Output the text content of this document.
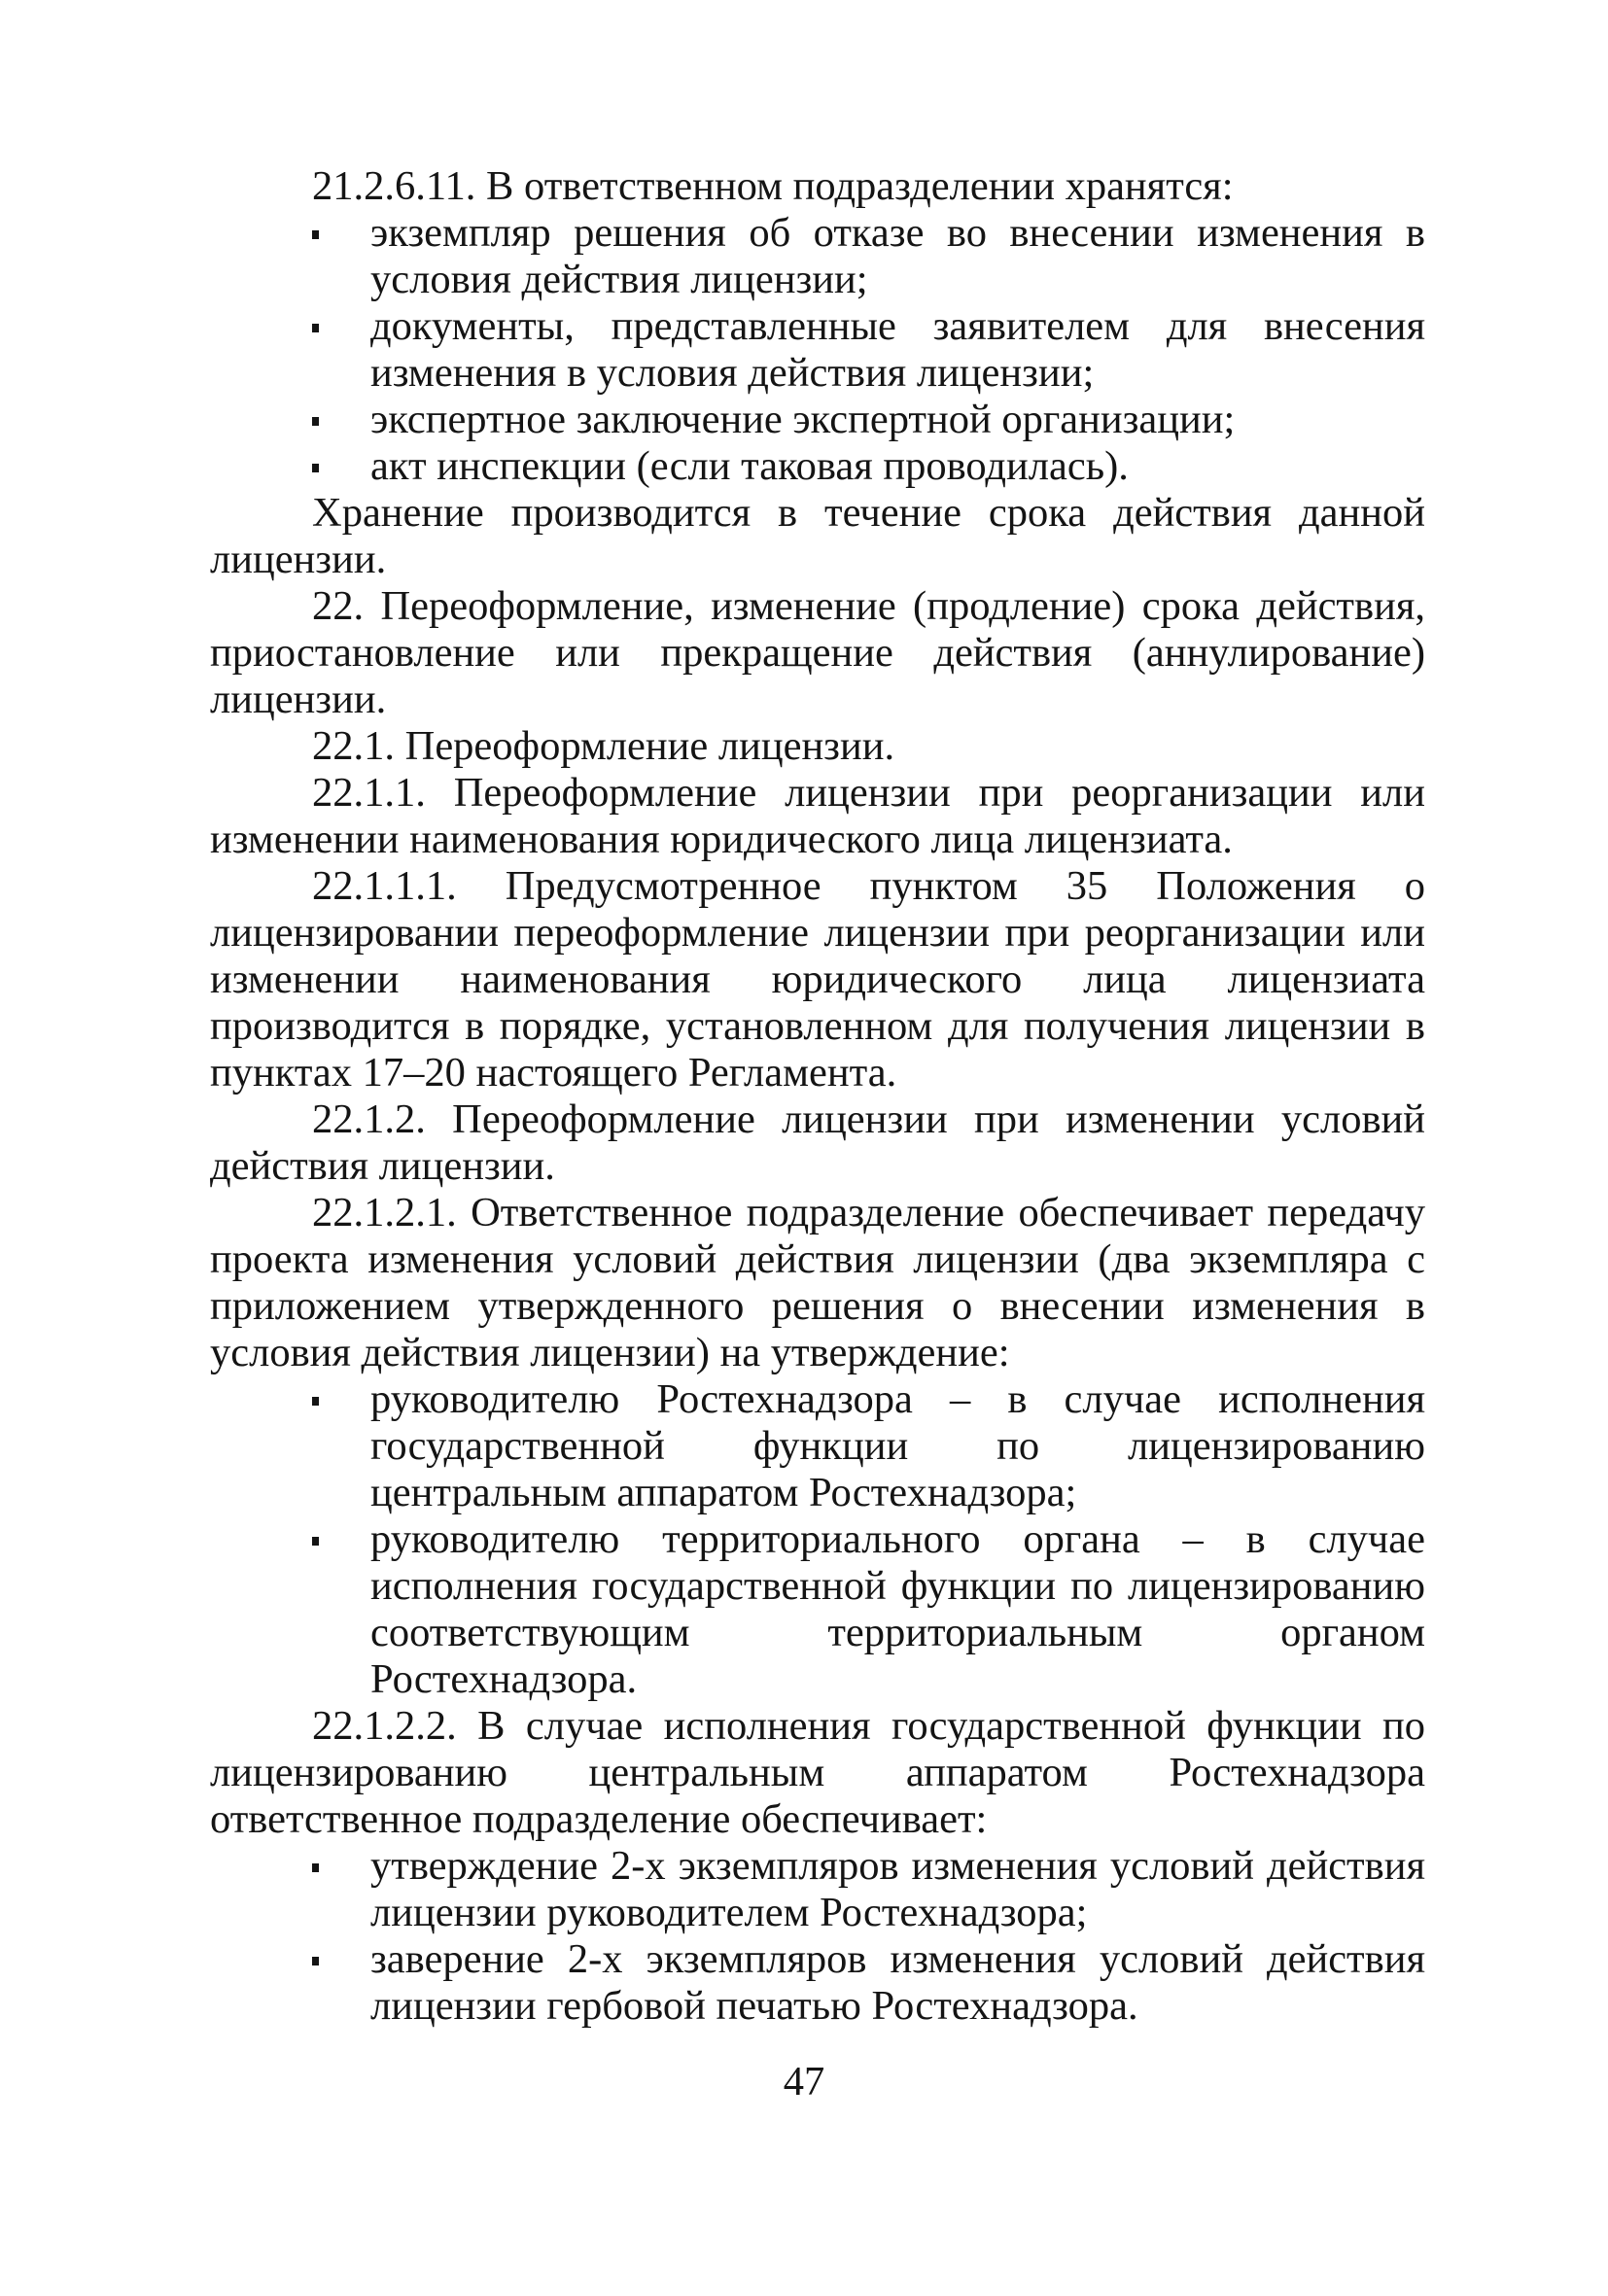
21.2.6.11. В ответственном подразделении хранятся:

экземпляр решения об отказе во внесении изменения в условия действия лицензии;
документы, представленные заявителем для внесения изменения в условия действия лицензии;
экспертное заключение экспертной организации;
акт инспекции (если таковая проводилась).

Хранение производится в течение срока действия данной лицензии.

22. Переоформление, изменение (продление) срока действия, приостановление или прекращение действия (аннулирование) лицензии.

22.1. Переоформление лицензии.

22.1.1. Переоформление лицензии при реорганизации или изменении наименования юридического лица лицензиата.

22.1.1.1. Предусмотренное пунктом 35 Положения о лицензировании переоформление лицензии при реорганизации или изменении наименования юридического лица лицензиата производится в порядке, установленном для получения лицензии в пунктах 17–20 настоящего Регламента.

22.1.2. Переоформление лицензии при изменении условий действия лицензии.

22.1.2.1. Ответственное подразделение обеспечивает передачу проекта изменения условий действия лицензии (два экземпляра с приложением утвержденного решения о внесении изменения в условия действия лицензии) на утверждение:

руководителю Ростехнадзора – в случае исполнения государственной функции по лицензированию центральным аппаратом Ростехнадзора;
руководителю территориального органа – в случае исполнения государственной функции по лицензированию соответствующим территориальным органом Ростехнадзора.

22.1.2.2. В случае исполнения государственной функции по лицензированию центральным аппаратом Ростехнадзора ответственное подразделение обеспечивает:

утверждение 2-х экземпляров изменения условий действия лицензии руководителем Ростехнадзора;
заверение 2-х экземпляров изменения условий действия лицензии гербовой печатью Ростехнадзора.
47
